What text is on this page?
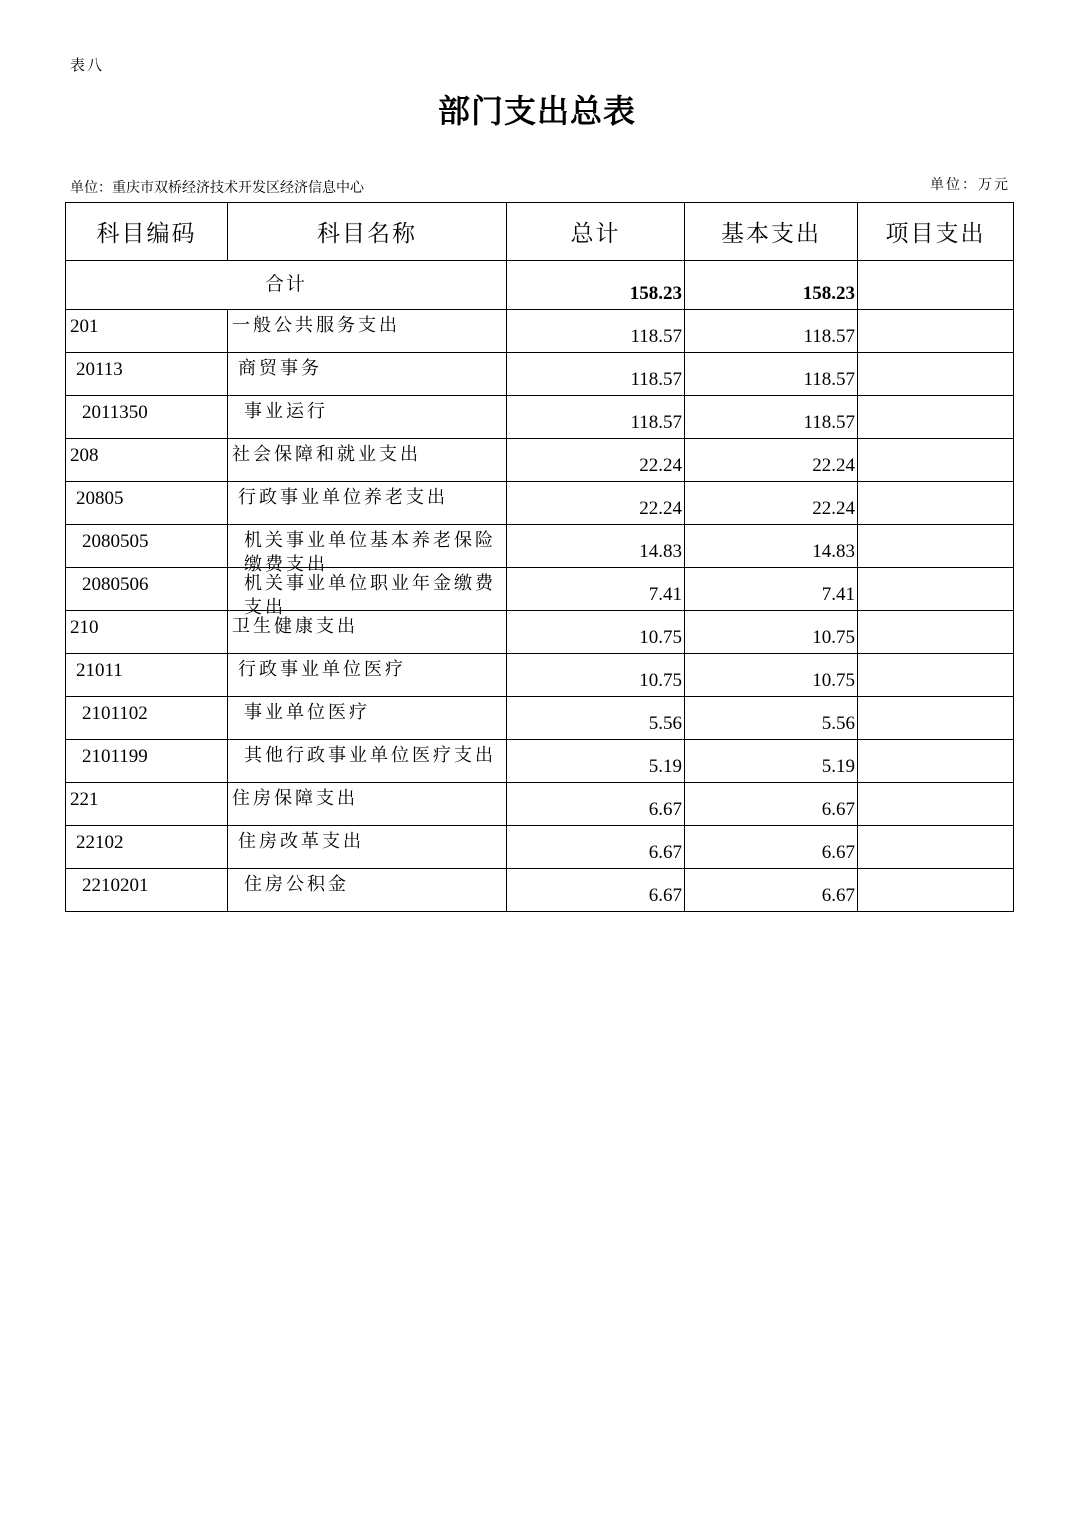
表八
部门支出总表
单位：重庆市双桥经济技术开发区经济信息中心	单位：万元
科目编码	科目名称	总计	基本支出	项目支出
合计		158.23	158.23	
201	一般公共服务支出	118.57	118.57	
20113	商贸事务	118.57	118.57	
2011350	事业运行	118.57	118.57	
208	社会保障和就业支出	22.24	22.24	
20805	行政事业单位养老支出	22.24	22.24	
2080505	机关事业单位基本养老保险缴费支出	14.83	14.83	
2080506	机关事业单位职业年金缴费支出	7.41	7.41	
210	卫生健康支出	10.75	10.75	
21011	行政事业单位医疗	10.75	10.75	
2101102	事业单位医疗	5.56	5.56	
2101199	其他行政事业单位医疗支出	5.19	5.19	
221	住房保障支出	6.67	6.67	
22102	住房改革支出	6.67	6.67	
2210201	住房公积金	6.67	6.67	
